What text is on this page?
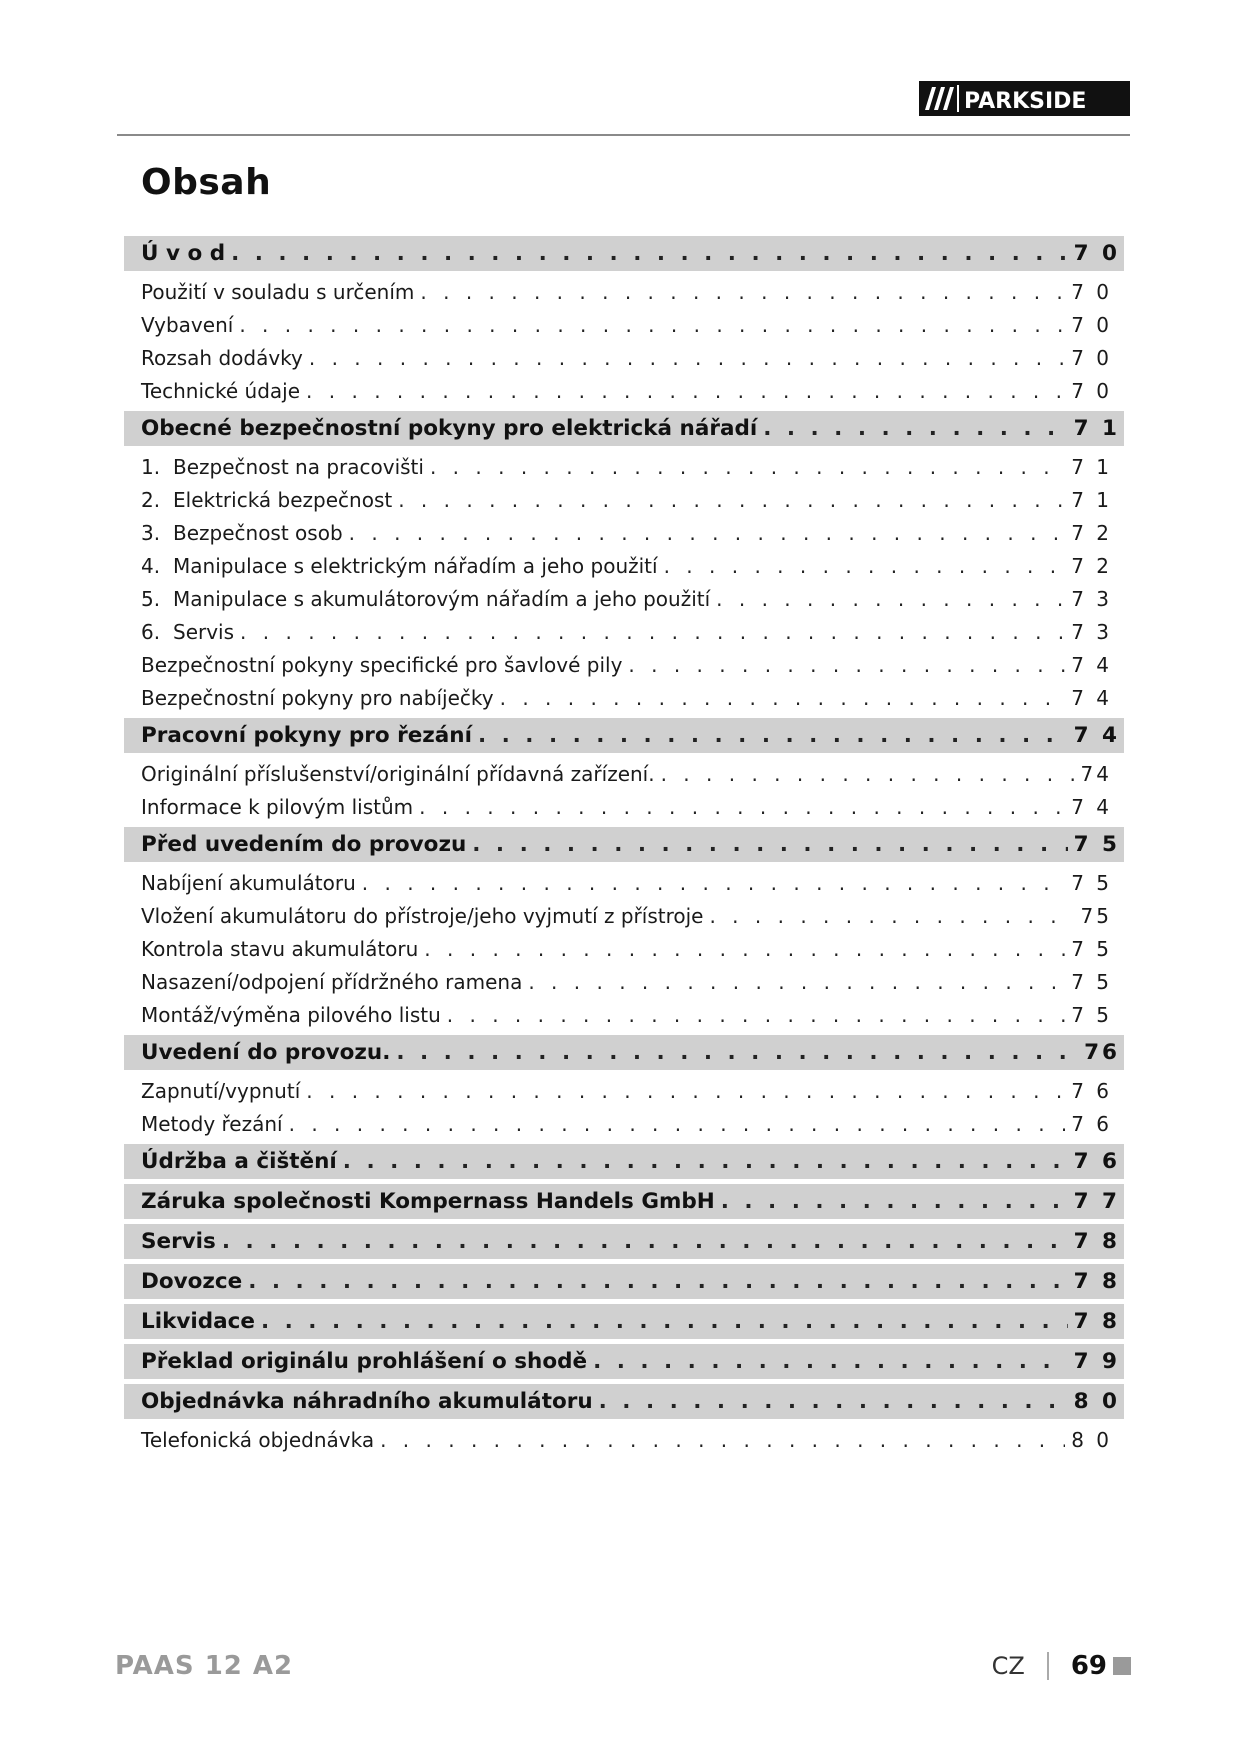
PARKSIDE
Obsah
Ú v o d . . .	7 0
Použití v souladu s určením . . .	7 0
Vybavení . . .	7 0
Rozsah dodávky . . .	7 0
Technické údaje . . .	7 0
Obecné bezpečnostní pokyny pro elektrická nářadí . . .	7 1
1. Bezpečnost na pracovišti . . .	7 1
2. Elektrická bezpečnost . . .	7 1
3. Bezpečnost osob . . .	7 2
4. Manipulace s elektrickým nářadím a jeho použití . . .	7 2
5. Manipulace s akumulátorovým nářadím a jeho použití . . .	7 3
6. Servis . . .	7 3
Bezpečnostní pokyny specifické pro šavlové pily . . .	7 4
Bezpečnostní pokyny pro nabíječky . . .	7 4
Pracovní pokyny pro řezání . . .	7 4
Originální příslušenství/originální přídavná zařízení. . . .	74
Informace k pilovým listům . . .	7 4
Před uvedením do provozu . . .	7 5
Nabíjení akumulátoru . . .	7 5
Vložení akumulátoru do přístroje/jeho vyjmutí z přístroje . . .	75
Kontrola stavu akumulátoru . . .	7 5
Nasazení/odpojení přídržného ramena . . .	7 5
Montáž/výměna pilového listu . . .	7 5
Uvedení do provozu. . . .	76
Zapnutí/vypnutí . . .	7 6
Metody řezání . . .	7 6
Údržba a čištění . . .	7 6
Záruka společnosti Kompernass Handels GmbH . . .	7 7
Servis . . .	7 8
Dovozce . . .	7 8
Likvidace . . .	7 8
Překlad originálu prohlášení o shodě . . .	7 9
Objednávka náhradního akumulátoru . . .	8 0
Telefonická objednávka . . .	8 0
PAAS 12 A2	CZ 69
